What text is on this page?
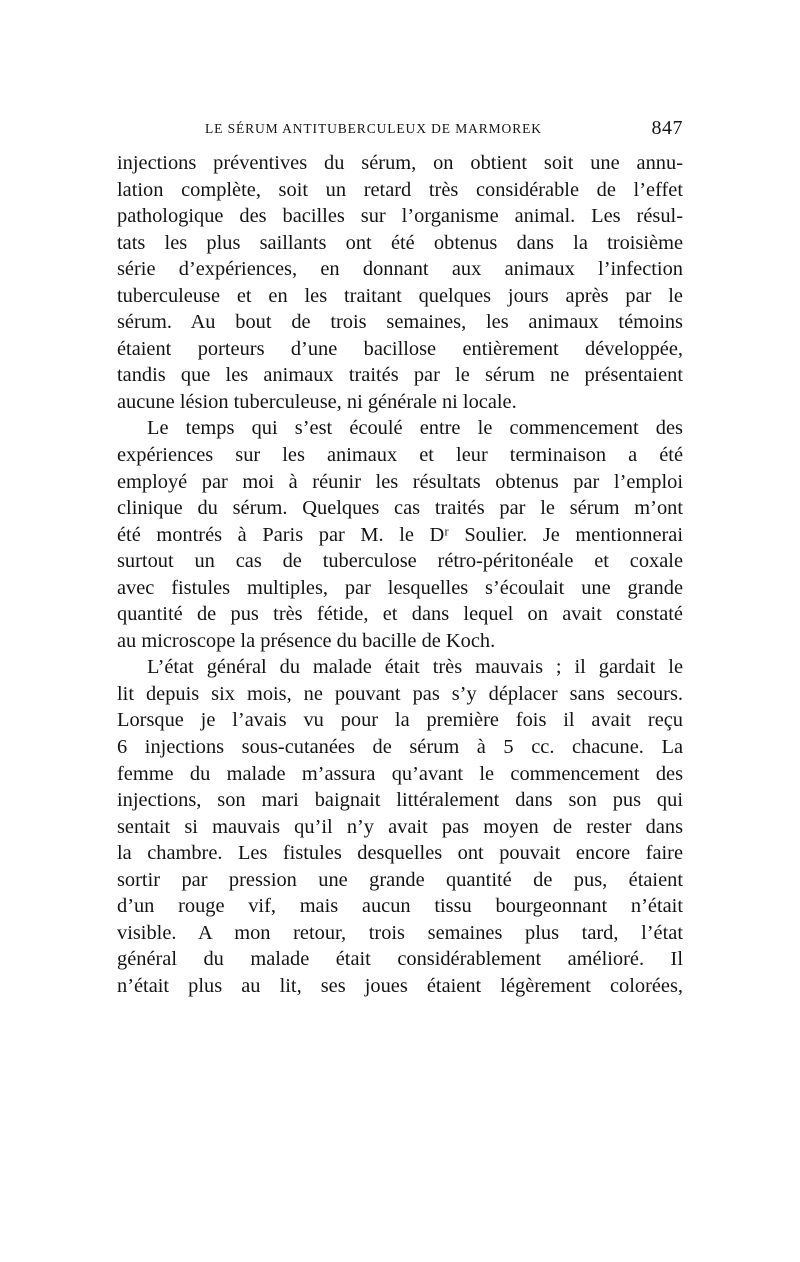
LE SÉRUM ANTITUBERCULEUX DE MARMOREK	847
injections préventives du sérum, on obtient soit une annu-
lation complète, soit un retard très considérable de l’effet
pathologique des bacilles sur l’organisme animal. Les résul-
tats les plus saillants ont été obtenus dans la troisième
série d’expériences, en donnant aux animaux l’infection
tuberculeuse et en les traitant quelques jours après par le
sérum. Au bout de trois semaines, les animaux témoins
étaient porteurs d’une bacillose entièrement développée,
tandis que les animaux traités par le sérum ne présentaient
aucune lésion tuberculeuse, ni générale ni locale.
Le temps qui s’est écoulé entre le commencement des
expériences sur les animaux et leur terminaison a été
employé par moi à réunir les résultats obtenus par l’emploi
clinique du sérum. Quelques cas traités par le sérum m’ont
été montrés à Paris par M. le Dʳ Soulier. Je mentionnerai
surtout un cas de tuberculose rétro-péritonéale et coxale
avec fistules multiples, par lesquelles s’écoulait une grande
quantité de pus très fétide, et dans lequel on avait constaté
au microscope la présence du bacille de Koch.
L’état général du malade était très mauvais ; il gardait le
lit depuis six mois, ne pouvant pas s’y déplacer sans secours.
Lorsque je l’avais vu pour la première fois il avait reçu
6 injections sous-cutanées de sérum à 5 cc. chacune. La
femme du malade m’assura qu’avant le commencement des
injections, son mari baignait littéralement dans son pus qui
sentait si mauvais qu’il n’y avait pas moyen de rester dans
la chambre. Les fistules desquelles ont pouvait encore faire
sortir par pression une grande quantité de pus, étaient
d’un rouge vif, mais aucun tissu bourgeonnant n’était
visible. A mon retour, trois semaines plus tard, l’état
général du malade était considérablement amélioré. Il
n’était plus au lit, ses joues étaient légèrement colorées,
